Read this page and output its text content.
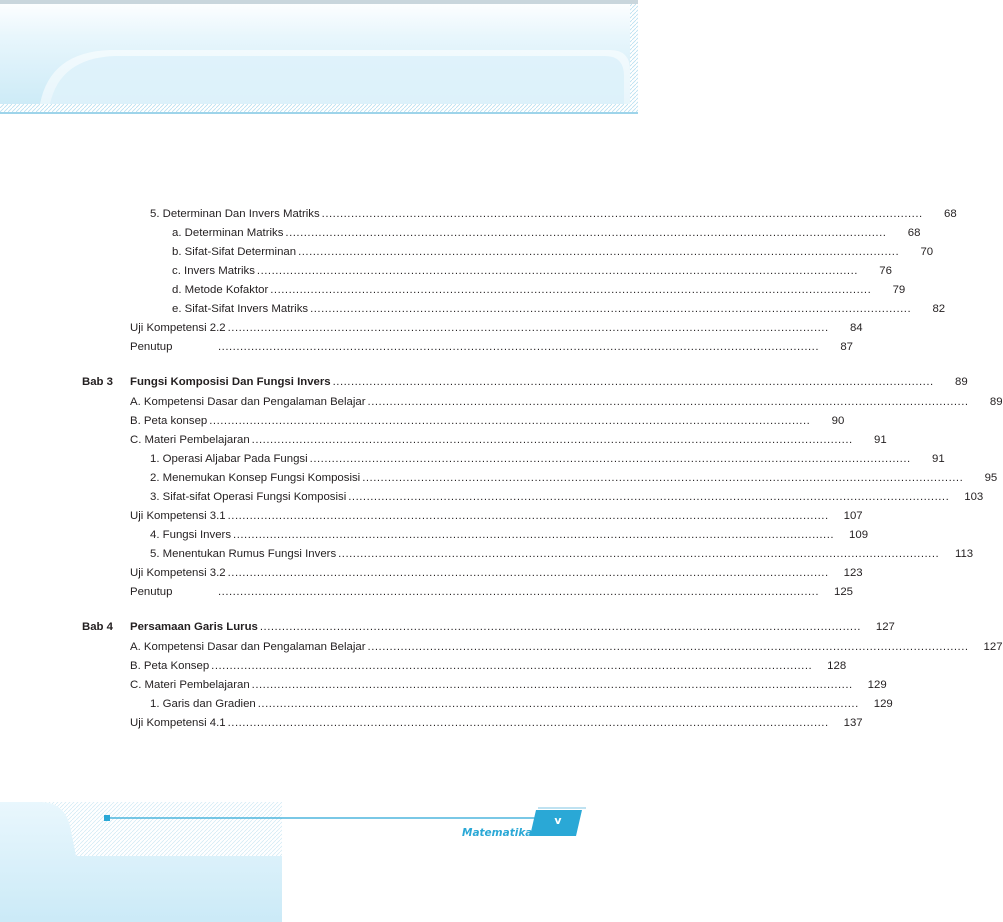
Matematika
v
5. Determinan Dan Invers Matriks ....................................................................................................................................................................	68
a. Determinan Matriks ....................................................................................................................................................................	68
b. Sifat-Sifat Determinan ....................................................................................................................................................................	70
c. Invers Matriks ....................................................................................................................................................................	76
d. Metode Kofaktor ....................................................................................................................................................................	79
e. Sifat-Sifat Invers Matriks ....................................................................................................................................................................	82
Uji Kompetensi 2.2 ....................................................................................................................................................................	84
Penutup	....................................................................................................................................................................	87
Bab 3 Fungsi Komposisi Dan Fungsi Invers ....................................................................................................................................................................	89
A. Kompetensi Dasar dan Pengalaman Belajar ....................................................................................................................................................................	89
B. Peta konsep ....................................................................................................................................................................	90
C. Materi Pembelajaran ....................................................................................................................................................................	91
1. Operasi Aljabar Pada Fungsi ....................................................................................................................................................................	91
2. Menemukan Konsep Fungsi Komposisi ....................................................................................................................................................................	95
3. Sifat-sifat Operasi Fungsi Komposisi ....................................................................................................................................................................	103
Uji Kompetensi 3.1 ....................................................................................................................................................................	107
4. Fungsi Invers ....................................................................................................................................................................	109
5. Menentukan Rumus Fungsi Invers ....................................................................................................................................................................	113
Uji Kompetensi 3.2 ....................................................................................................................................................................	123
Penutup	....................................................................................................................................................................	125
Bab 4 Persamaan Garis Lurus ....................................................................................................................................................................	127
A. Kompetensi Dasar dan Pengalaman Belajar ....................................................................................................................................................................	127
B. Peta Konsep ....................................................................................................................................................................	128
C. Materi Pembelajaran ....................................................................................................................................................................	129
1. Garis dan Gradien ....................................................................................................................................................................	129
Uji Kompetensi 4.1 ....................................................................................................................................................................	137
